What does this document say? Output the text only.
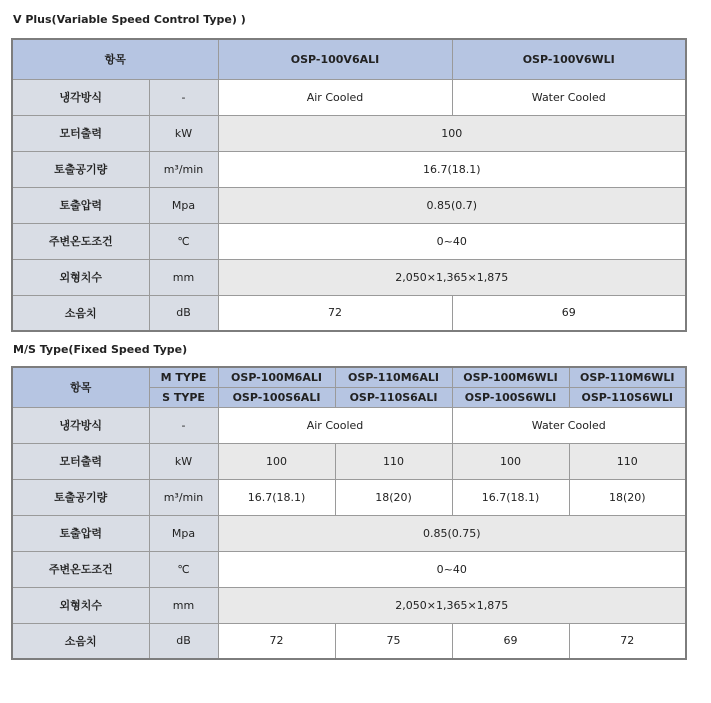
V Plus(Variable Speed Control Type) )
항목		OSP-100V6ALI	OSP-100V6WLI
냉각방식	-	Air Cooled	Water Cooled
모터출력	kW	100	
토출공기량	m³/min	16.7(18.1)	
토출압력	Mpa	0.85(0.7)	
주변온도조건	℃	0~40	
외형치수	mm	2,050×1,365×1,875	
소음치	dB	72	69
M/S Type(Fixed Speed Type)
항목	M TYPE	OSP-100M6ALI	OSP-110M6ALI	OSP-100M6WLI	OSP-110M6WLI
	S TYPE	OSP-100S6ALI	OSP-110S6ALI	OSP-100S6WLI	OSP-110S6WLI
냉각방식	-	Air Cooled		Water Cooled	
모터출력	kW	100	110	100	110
토출공기량	m³/min	16.7(18.1)	18(20)	16.7(18.1)	18(20)
토출압력	Mpa	0.85(0.75)			
주변온도조건	℃	0~40			
외형치수	mm	2,050×1,365×1,875			
소음치	dB	72	75	69	72
